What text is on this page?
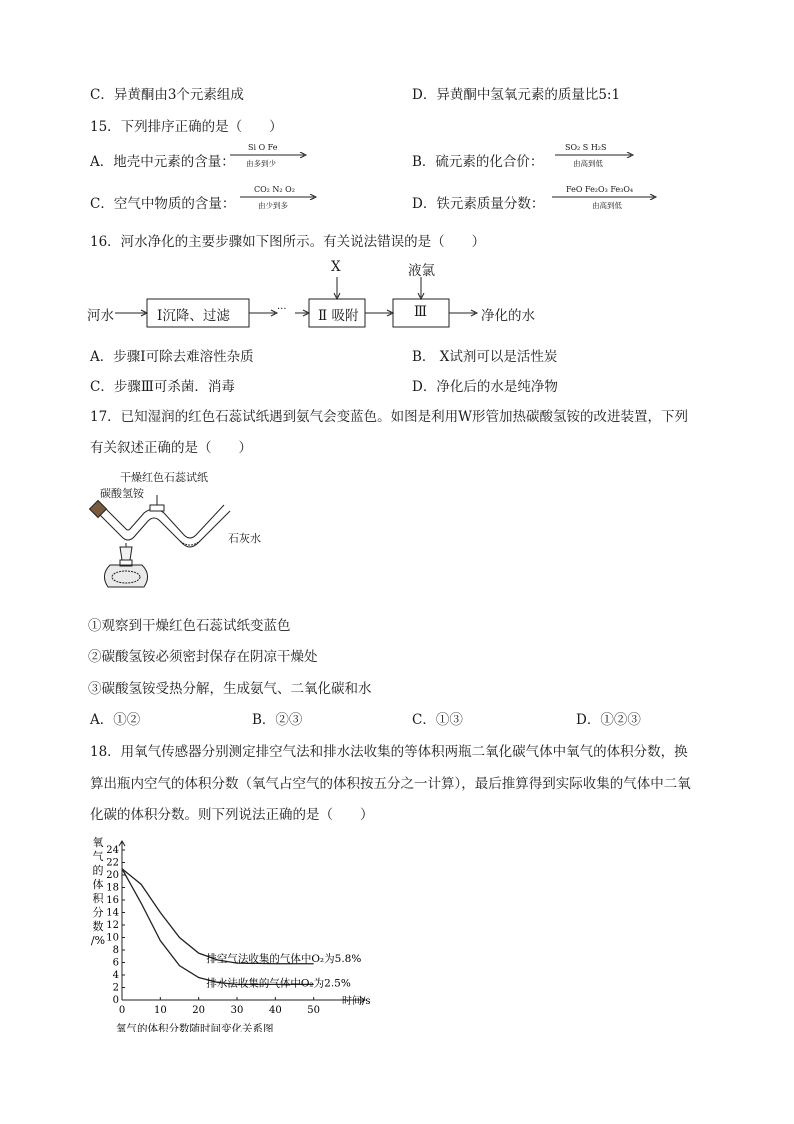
C．异黄酮由3个元素组成	D．异黄酮中氢氧元素的质量比5:1
15．下列排序正确的是（　　）
A．地壳中元素的含量：
Si O Fe
由多到少	B．硫元素的化合价：
SO₂ S H₂S
由高到低
C．空气中物质的含量：
CO₂ N₂ O₂
由少到多	D．铁元素质量分数：
FeO Fe₂O₃ Fe₃O₄
由高到低
16．河水净化的主要步骤如下图所示。有关说法错误的是（　　）
河水	Ⅰ沉降、过滤	···
X
Ⅱ 吸附
液氯
Ⅲ	净化的水
A．步骤Ⅰ可除去难溶性杂质	B． X试剂可以是活性炭
C．步骤Ⅲ可杀菌．消毒	D．净化后的水是纯净物
17．已知湿润的红色石蕊试纸遇到氨气会变蓝色。如图是利用W形管加热碳酸氢铵的改进装置，下列
有关叙述正确的是（　　）
干燥红色石蕊试纸
碳酸氢铵
石灰水
①观察到干燥红色石蕊试纸变蓝色
②碳酸氢铵必须密封保存在阴凉干燥处
③碳酸氢铵受热分解，生成氨气、二氧化碳和水
A．①②	B．②③	C．①③	D．①②③
18．用氧气传感器分别测定排空气法和排水法收集的等体积两瓶二氧化碳气体中氧气的体积分数，换
算出瓶内空气的体积分数（氧气占空气的体积按五分之一计算），最后推算得到实际收集的气体中二氧
化碳的体积分数。则下列说法正确的是（　　）
0
2
4
6
8
10
12
14
16
18
20
22
24
0	10	20	30	40	50
氧
气
的
体
积
分
数
/%
时间/s
排空气法收集的气体中O₂为5.8%
排水法收集的气体中O₂为2.5%
氧气的体积分数随时间变化关系图
